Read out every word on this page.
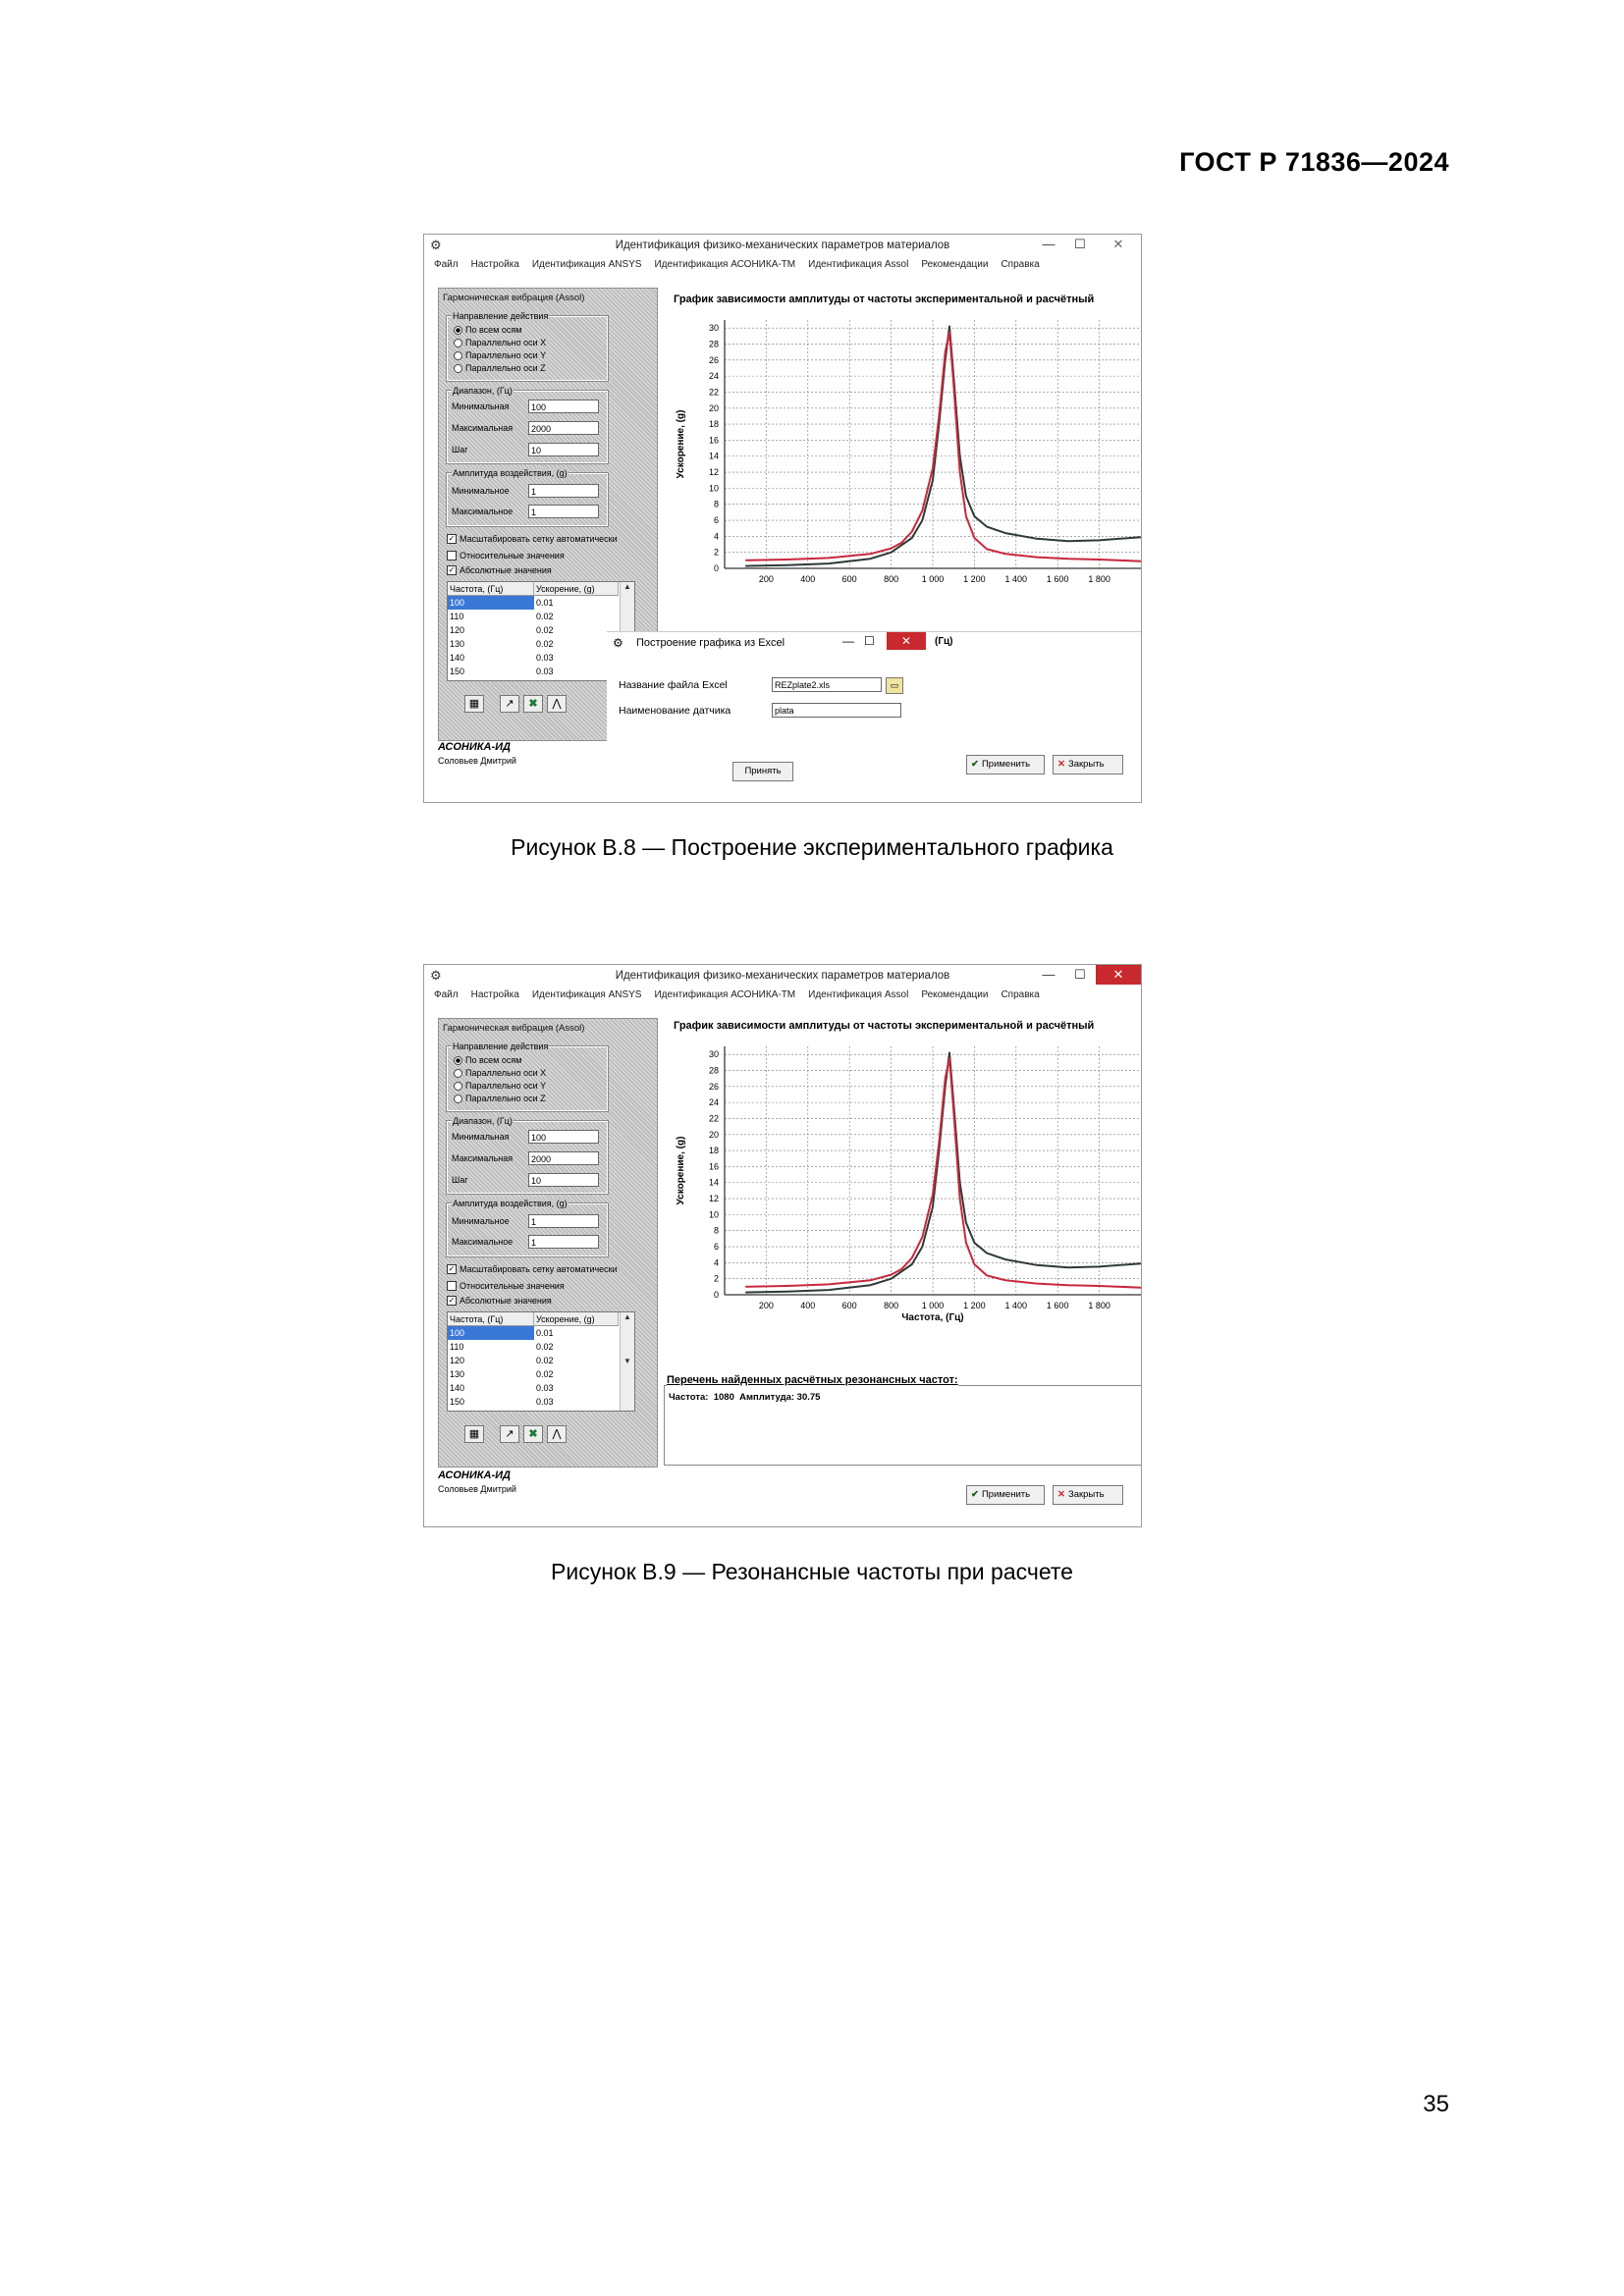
ГОСТ Р 71836—2024
⚙	Идентификация физико-механических параметров материалов	—	☐	✕
Файл Настройка Идентификация ANSYS Идентификация АСОНИКА-ТМ Идентификация Assol Рекомендации Справка
Гармоническая вибрация (Assol)
Направление действия
По всем осям
Параллельно оси X
Параллельно оси Y
Параллельно оси Z
Диапазон, (Гц)
Минимальная	100
Максимальная	2000
Шаг	10
Амплитуда воздействия, (g)
Минимальное	1
Максимальное	1
✓ Масштабировать сетку автоматически
Относительные значения
✓ Абсолютные значения
Частота, (Гц)	Ускорение, (g)
100	0.01
110	0.02
120	0.02
130	0.02
140	0.03
150	0.03
▲
▦	↗	✖	⋀
АСОНИКА-ИД
Соловьев Дмитрий
График зависимости амплитуды от частоты экспериментальной и расчётный
0
2
4
6
8
10
12
14
16
18
20
22
24
26
28
30
200	400	600	800	1 000 1 200 1 400 1 600 1 800
Ускорение, (g)
⚙ Построение графика из Excel	— ☐	✕	(Гц)
Название файла Excel	REZplate2.xls	▭
Наименование датчика	plata
Принять
✔ Применить	✕ Закрыть
Рисунок В.8 — Построение экспериментального графика
⚙	Идентификация физико-механических параметров материалов	—	☐	✕
Файл Настройка Идентификация ANSYS Идентификация АСОНИКА-ТМ Идентификация Assol Рекомендации Справка
Гармоническая вибрация (Assol)
Направление действия
По всем осям
Параллельно оси X
Параллельно оси Y
Параллельно оси Z
Диапазон, (Гц)
Минимальная	100
Максимальная	2000
Шаг	10
Амплитуда воздействия, (g)
Минимальное	1
Максимальное	1
✓ Масштабировать сетку автоматически
Относительные значения
✓ Абсолютные значения
Частота, (Гц)	Ускорение, (g)
100	0.01
110	0.02
120	0.02
130	0.02
140	0.03
150	0.03
▲

▼
▦	↗	✖	⋀
АСОНИКА-ИД
Соловьев Дмитрий
График зависимости амплитуды от частоты экспериментальной и расчётный
0
2
4
6
8
10
12
14
16
18
20
22
24
26
28
30
200	400	600	800	1 000 1 200 1 400 1 600 1 800
Ускорение, (g)
Частота, (Гц)
Перечень найденных расчётных резонансных частот:
Частота:  1080  Амплитуда: 30.75
✔ Применить	✕ Закрыть
Рисунок В.9 — Резонансные частоты при расчете
35
